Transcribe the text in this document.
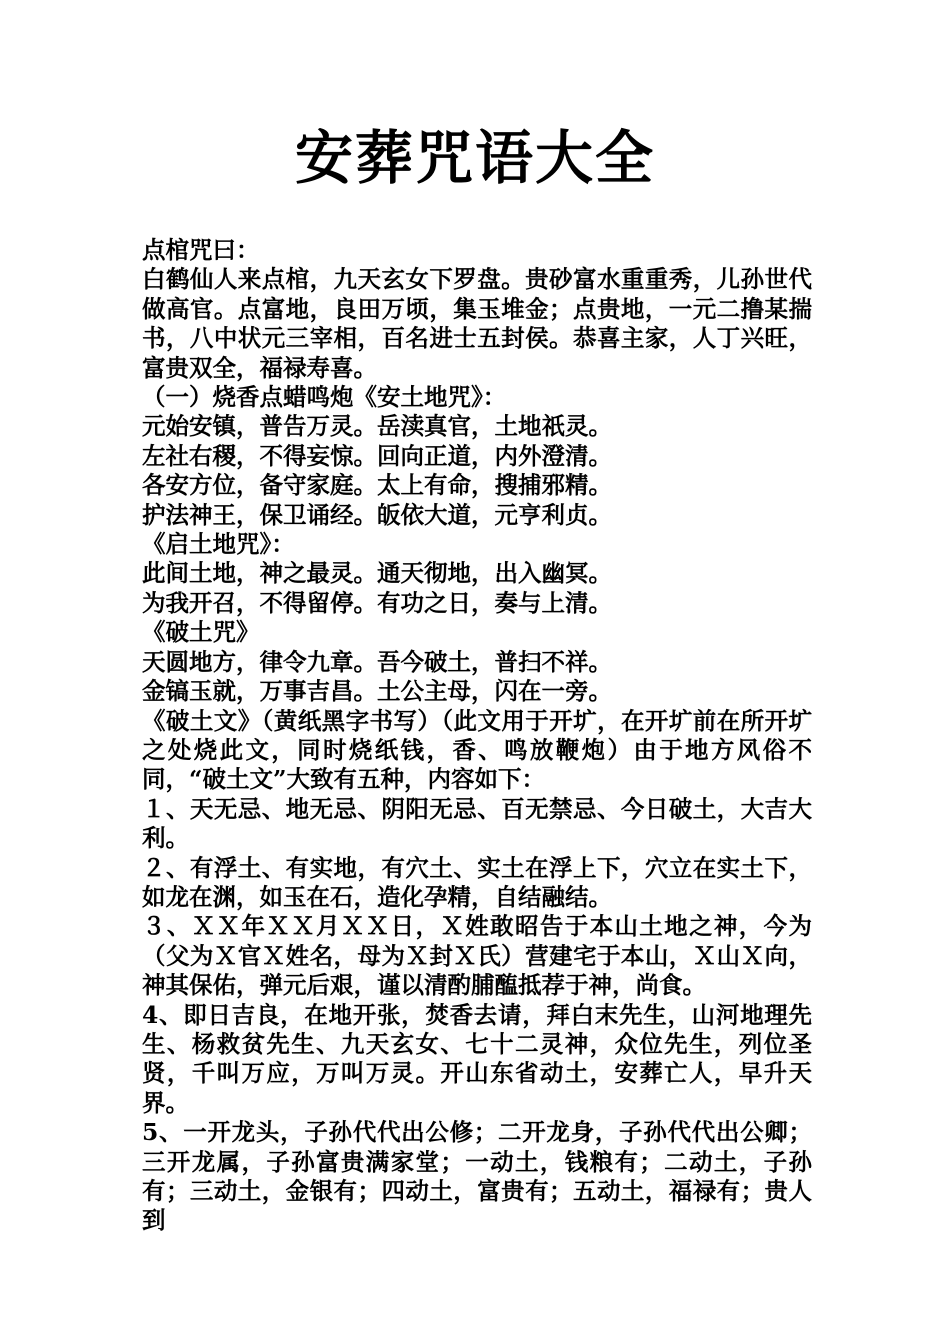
安葬咒语大全

点棺咒曰：

白鹤仙人来点棺，九天玄女下罗盘。贵砂富水重重秀，儿孙世代做高官。点富地，良田万顷，集玉堆金；点贵地，一元二撸某揣书，八中状元三宰相，百名进士五封侯。恭喜主家，人丁兴旺，富贵双全，福禄寿喜。

（一）烧香点蜡鸣炮《安土地咒》：

元始安镇，普告万灵。岳渎真官，土地祇灵。

左社右稷，不得妄惊。回向正道，内外澄清。

各安方位，备守家庭。太上有命，搜捕邪精。

护法神王，保卫诵经。皈依大道，元亨利贞。

《启土地咒》：

此间土地，神之最灵。通天彻地，出入幽冥。

为我开召，不得留停。有功之日，奏与上清。

《破土咒》

天圆地方，律令九章。吾今破土，普扫不祥。

金镐玉就，万事吉昌。土公主母，闪在一旁。

《破土文》（黄纸黑字书写）（此文用于开圹，在开圹前在所开圹之处烧此文，同时烧纸钱，香、鸣放鞭炮）由于地方风俗不同，“破土文”大致有五种，内容如下：

１、天无忌、地无忌、阴阳无忌、百无禁忌、今日破土，大吉大利。

２、有浮土、有实地，有穴土、实土在浮上下，穴立在实土下，如龙在渊，如玉在石，造化孕精，自结融结。

３、ＸＸ年ＸＸ月ＸＸ日，Ｘ姓敢昭告于本山土地之神，今为（父为Ｘ官Ｘ姓名，母为Ｘ封Ｘ氏）营建宅于本山，Ｘ山Ｘ向，神其保佑，弹元后艰，谨以清酌脯醢抵荐于神，尚食。

4、即日吉良，在地开张，焚香去请，拜白末先生，山河地理先生、杨救贫先生、九天玄女、七十二灵神，众位先生，列位圣贤，千叫万应，万叫万灵。开山东省动土，安葬亡人，早升天界。

5、一开龙头，子孙代代出公修；二开龙身，子孙代代出公卿；三开龙属，子孙富贵满家堂；一动土，钱粮有；二动土，子孙有；三动土，金银有；四动土，富贵有；五动土，福禄有；贵人到
